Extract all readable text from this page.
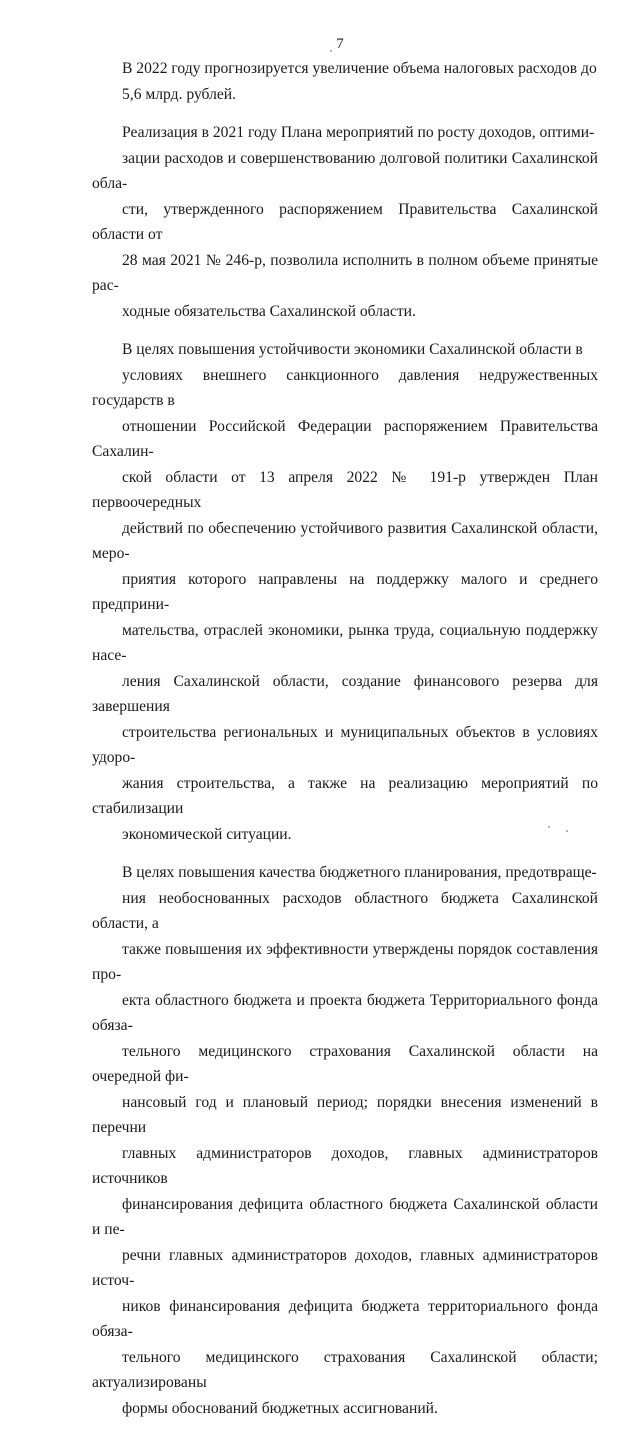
7

В 2022 году прогнозируется увеличение объема налоговых расходов до
5,6 млрд. рублей.

Реализация в 2021 году Плана мероприятий по росту доходов, оптими-
зации расходов и совершенствованию долговой политики Сахалинской обла-
сти, утвержденного распоряжением Правительства Сахалинской области от
28 мая 2021 № 246-р, позволила исполнить в полном объеме принятые рас-
ходные обязательства Сахалинской области.

В целях повышения устойчивости экономики Сахалинской области в
условиях внешнего санкционного давления недружественных государств в
отношении Российской Федерации распоряжением Правительства Сахалин-
ской области от 13 апреля 2022 № 191-р утвержден План первоочередных
действий по обеспечению устойчивого развития Сахалинской области, меро-
приятия которого направлены на поддержку малого и среднего предприни-
мательства, отраслей экономики, рынка труда, социальную поддержку насе-
ления Сахалинской области, создание финансового резерва для завершения
строительства региональных и муниципальных объектов в условиях удоро-
жания строительства, а также на реализацию мероприятий по стабилизации
экономической ситуации.

В целях повышения качества бюджетного планирования, предотвраще-
ния необоснованных расходов областного бюджета Сахалинской области, а
также повышения их эффективности утверждены порядок составления про-
екта областного бюджета и проекта бюджета Территориального фонда обяза-
тельного медицинского страхования Сахалинской области на очередной фи-
нансовый год и плановый период; порядки внесения изменений в перечни
главных администраторов доходов, главных администраторов источников
финансирования дефицита областного бюджета Сахалинской области и пе-
речни главных администраторов доходов, главных администраторов источ-
ников финансирования дефицита бюджета территориального фонда обяза-
тельного медицинского страхования Сахалинской области; актуализированы
формы обоснований бюджетных ассигнований.
